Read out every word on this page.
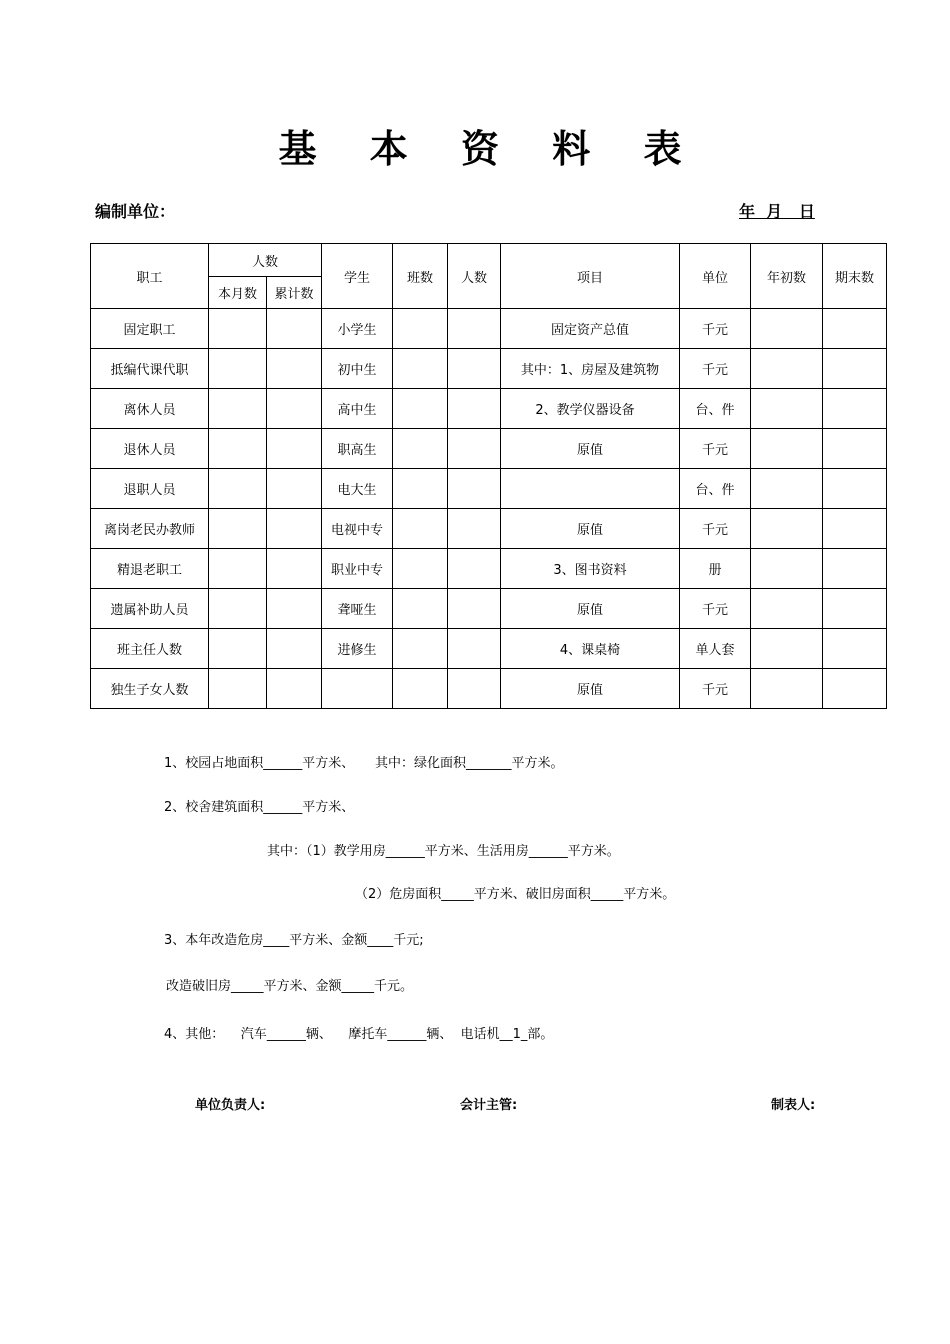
基 本 资 料 表
编制单位：	年  月   日
职工	人数		学生	班数	人数	项目	单位	年初数	期末数
	本月数	累计数							
固定职工			小学生			固定资产总值	千元		
抵编代课代职			初中生			其中：1、房屋及建筑物	千元		
离休人员			高中生			2、教学仪器设备	台、件		
退休人员			职高生			原值	千元		
退职人员			电大生				台、件		
离岗老民办教师			电视中专			原值	千元		
精退老职工			职业中专			3、图书资料	册		
遗属补助人员			聋哑生			原值	千元		
班主任人数			进修生			4、课桌椅	单人套		
独生子女人数						原值	千元		
1、校园占地面积______平方米、     其中：绿化面积_______平方米。
2、校舍建筑面积______平方米、
其中：（1）教学用房______平方米、生活用房______平方米。
（2）危房面积_____平方米、破旧房面积_____平方米。
3、本年改造危房____平方米、金额____千元;
改造破旧房_____平方米、金额_____千元。
4、其他：    汽车______辆、    摩托车______辆、  电话机__1_部。
单位负责人:	会计主管:	制表人:
